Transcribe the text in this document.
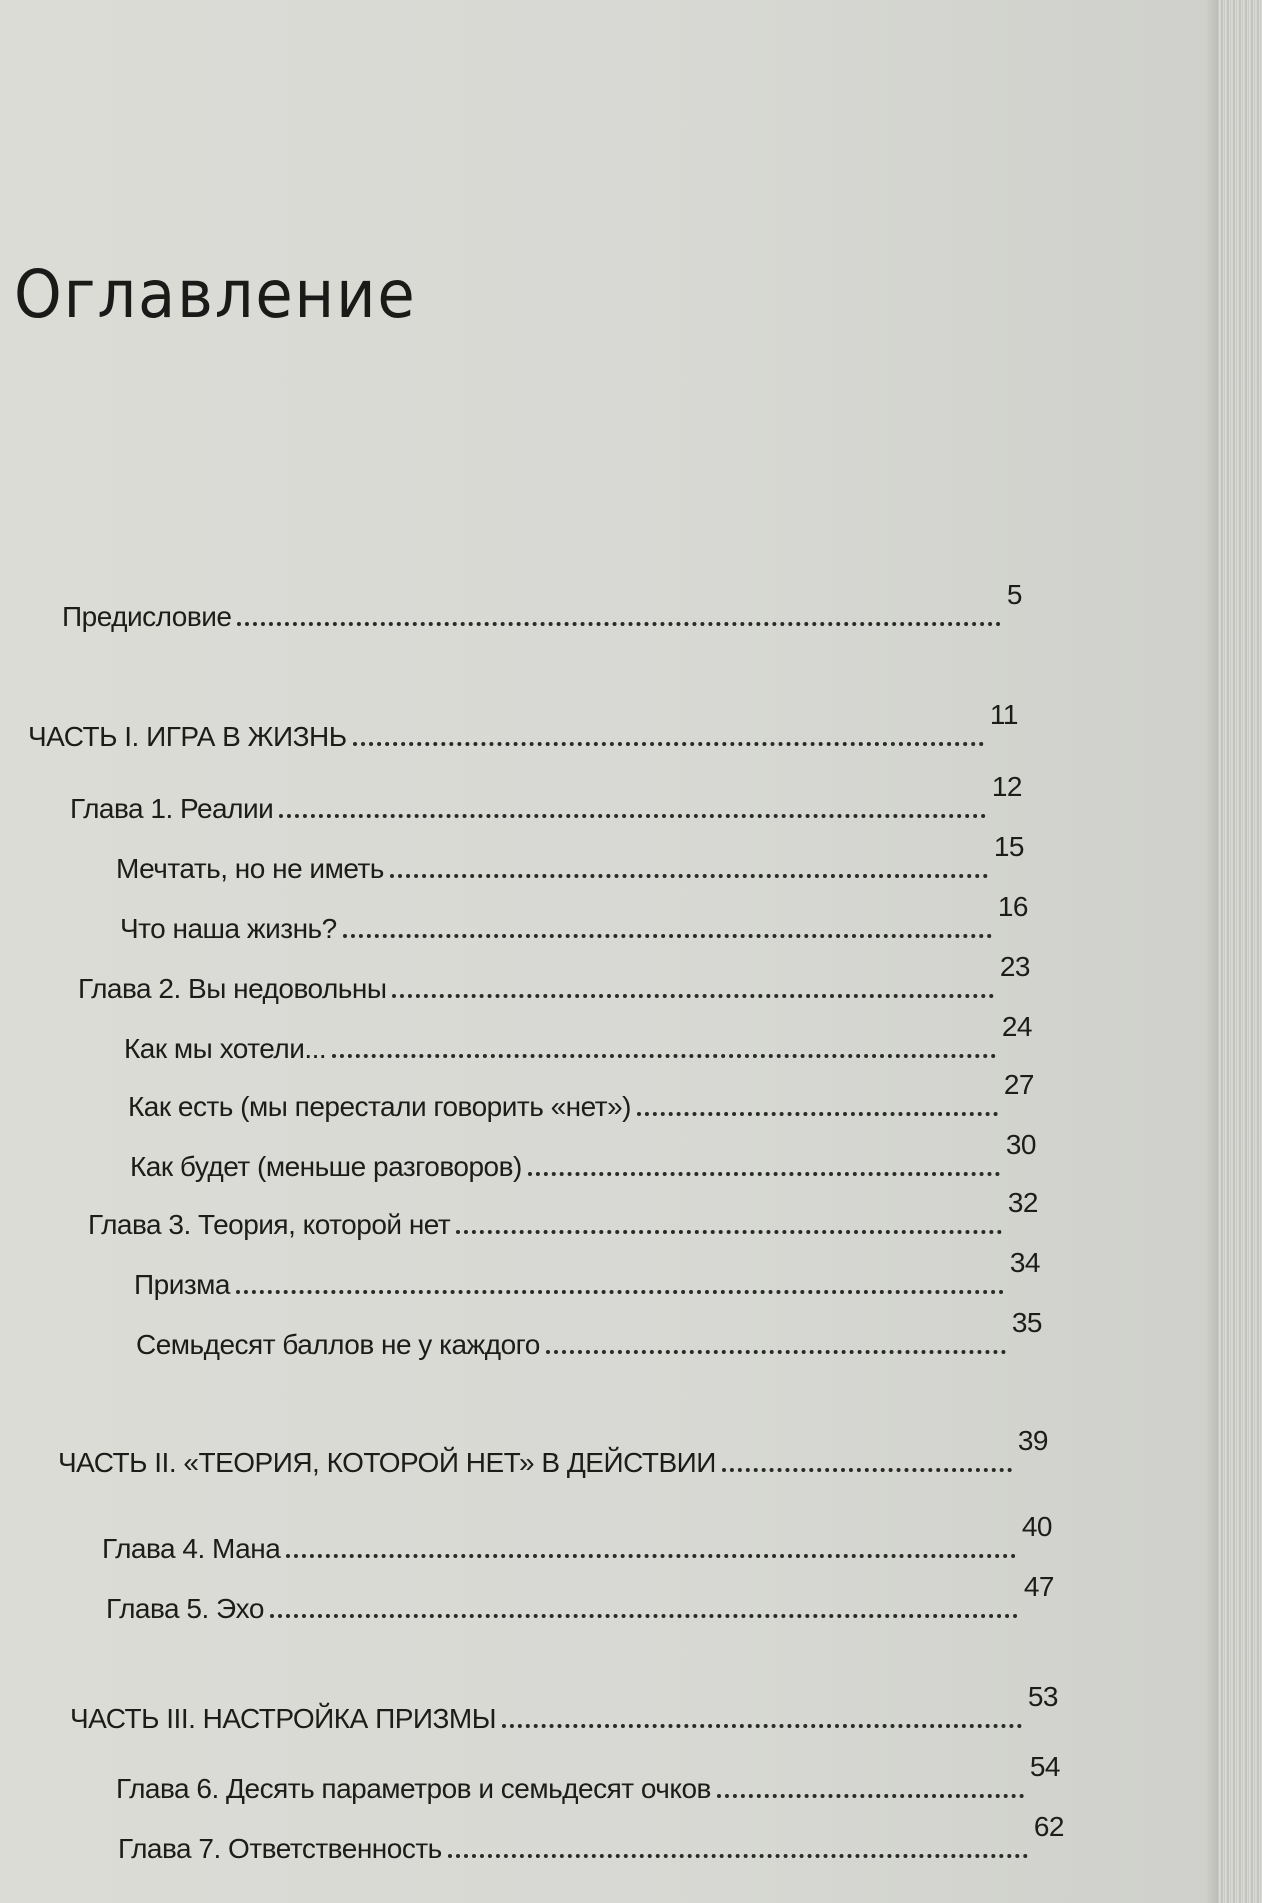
Оглавление
Предисловие
5
ЧАСТЬ I. ИГРА В ЖИЗНЬ
11
Глава 1. Реалии
12
Мечтать, но не иметь
15
Что наша жизнь?
16
Глава 2. Вы недовольны
23
Как мы хотели...
24
Как есть (мы перестали говорить «нет»)
27
Как будет (меньше разговоров)
30
Глава 3. Теория, которой нет
32
Призма
34
Семьдесят баллов не у каждого
35
ЧАСТЬ II. «ТЕОРИЯ, КОТОРОЙ НЕТ» В ДЕЙСТВИИ
39
Глава 4. Мана
40
Глава 5. Эхо
47
ЧАСТЬ III. НАСТРОЙКА ПРИЗМЫ
53
Глава 6. Десять параметров и семьдесят очков
54
Глава 7. Ответственность
62
